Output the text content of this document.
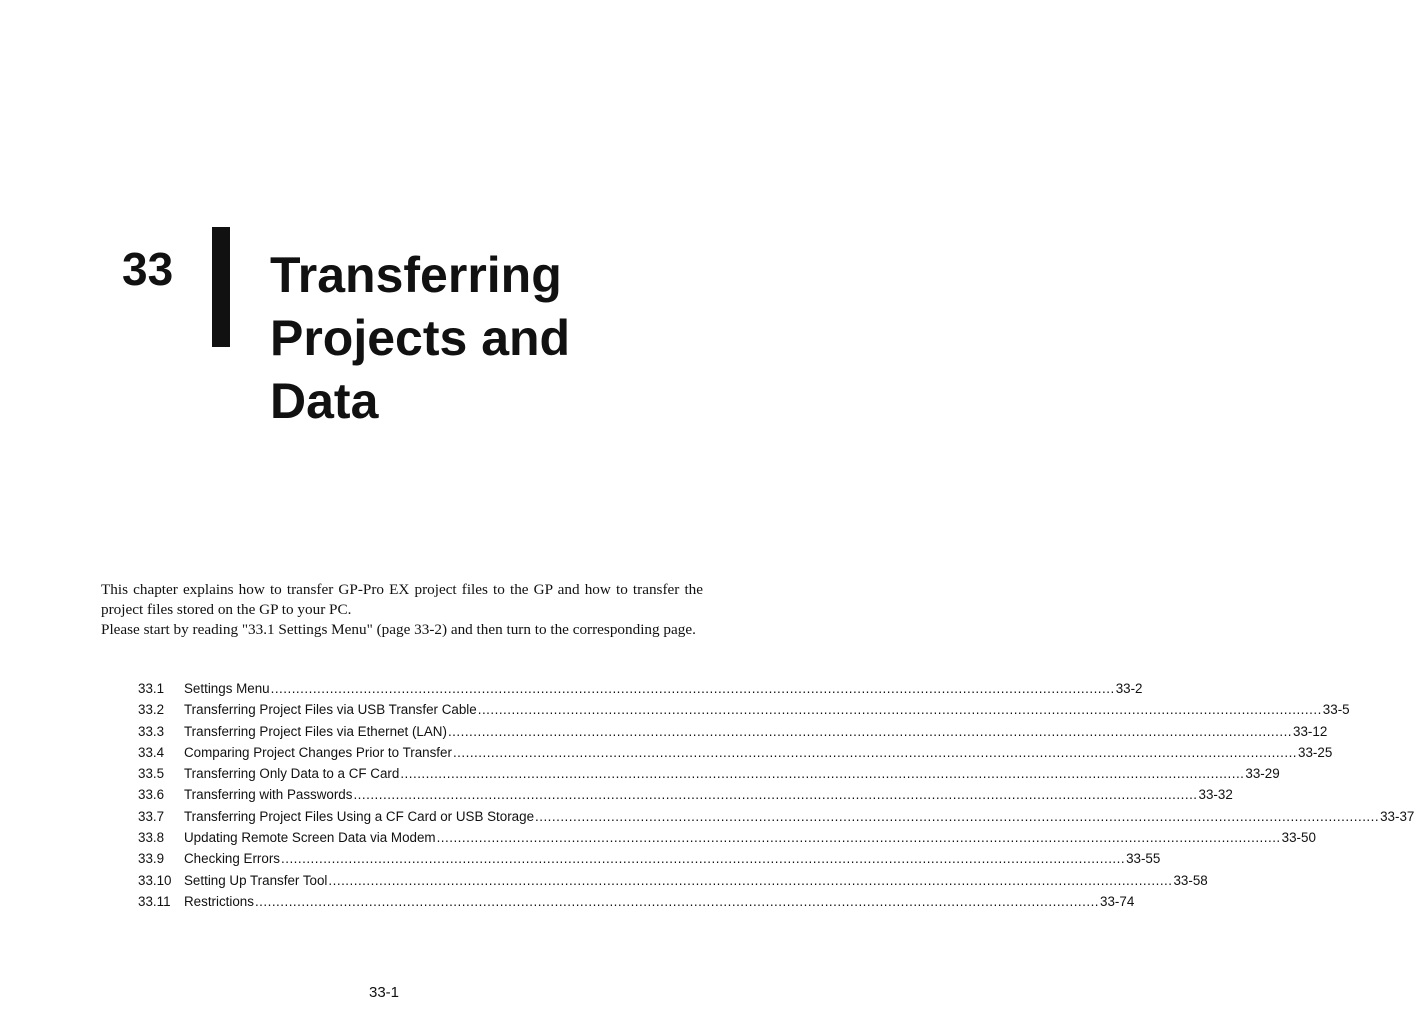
33 Transferring
Projects and
Data

This chapter explains how to transfer GP-Pro EX project files to the GP and how to transfer the project files stored on the GP to your PC.

Please start by reading "33.1 Settings Menu" (page 33-2) and then turn to the corresponding page.

33.1	Settings Menu ........................................................................................................................................................................................................ 33-2
33.2	Transferring Project Files via USB Transfer Cable ........................................................................................................................................................................................................ 33-5
33.3	Transferring Project Files via Ethernet (LAN) ........................................................................................................................................................................................................ 33-12
33.4	Comparing Project Changes Prior to Transfer ........................................................................................................................................................................................................ 33-25
33.5	Transferring Only Data to a CF Card ........................................................................................................................................................................................................ 33-29
33.6	Transferring with Passwords ........................................................................................................................................................................................................ 33-32
33.7	Transferring Project Files Using a CF Card or USB Storage ........................................................................................................................................................................................................ 33-37
33.8	Updating Remote Screen Data via Modem ........................................................................................................................................................................................................ 33-50
33.9	Checking Errors ........................................................................................................................................................................................................ 33-55
33.10 Setting Up Transfer Tool ........................................................................................................................................................................................................ 33-58
33.11	Restrictions ........................................................................................................................................................................................................ 33-74
33-1
